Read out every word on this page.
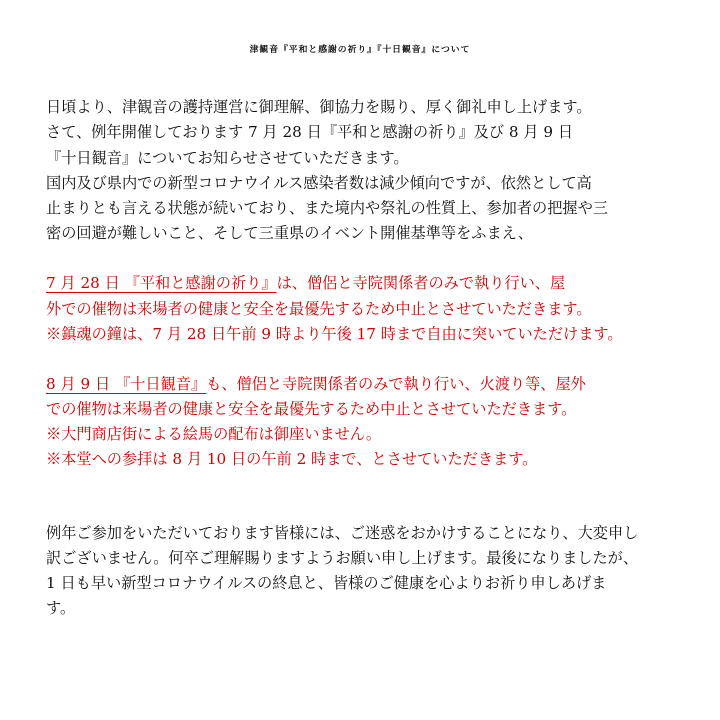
津観音『平和と感謝の祈り』『十日観音』について
日頃より、津観音の護持運営に御理解、御協力を賜り、厚く御礼申し上げます。
さて、例年開催しております 7 月 28 日『平和と感謝の祈り』及び 8 月 9 日
『十日観音』についてお知らせさせていただきます。
国内及び県内での新型コロナウイルス感染者数は減少傾向ですが、依然として高
止まりとも言える状態が続いており、また境内や祭礼の性質上、参加者の把握や三
密の回避が難しいこと、そして三重県のイベント開催基準等をふまえ、
7 月 28 日 『平和と感謝の祈り』は、僧侶と寺院関係者のみで執り行い、屋
外での催物は来場者の健康と安全を最優先するため中止とさせていただきます。
※鎮魂の鐘は、7 月 28 日午前 9 時より午後 17 時まで自由に突いていただけます。
8 月 9 日 『十日観音』も、僧侶と寺院関係者のみで執り行い、火渡り等、屋外
での催物は来場者の健康と安全を最優先するため中止とさせていただきます。
※大門商店街による絵馬の配布は御座いません。
※本堂への参拝は 8 月 10 日の午前 2 時まで、とさせていただきます。
例年ご参加をいただいております皆様には、ご迷惑をおかけすることになり、大変申し
訳ございません。何卒ご理解賜りますようお願い申し上げます。最後になりましたが、
1 日も早い新型コロナウイルスの終息と、皆様のご健康を心よりお祈り申しあげま
す。
